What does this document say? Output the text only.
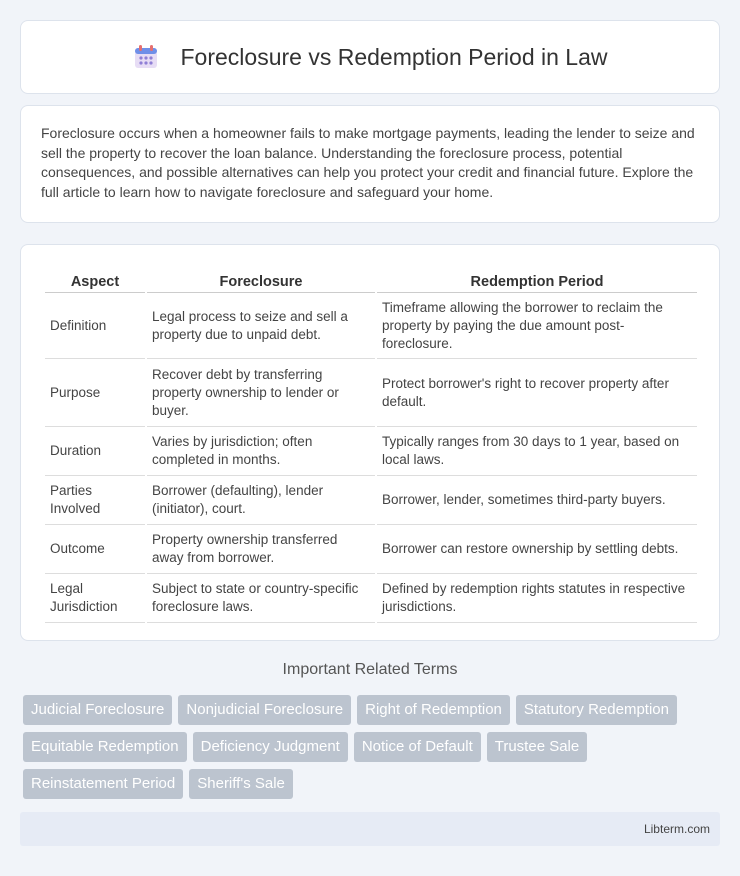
Foreclosure vs Redemption Period in Law

Foreclosure occurs when a homeowner fails to make mortgage payments, leading the lender to seize and sell the property to recover the loan balance. Understanding the foreclosure process, potential consequences, and possible alternatives can help you protect your credit and financial future. Explore the full article to learn how to navigate foreclosure and safeguard your home.

Aspect	Foreclosure	Redemption Period
Definition	Legal process to seize and sell a property due to unpaid debt.	Timeframe allowing the borrower to reclaim the property by paying the due amount post-foreclosure.
Purpose	Recover debt by transferring property ownership to lender or buyer.	Protect borrower's right to recover property after default.
Duration	Varies by jurisdiction; often completed in months.	Typically ranges from 30 days to 1 year, based on local laws.
Parties Involved	Borrower (defaulting), lender (initiator), court.	Borrower, lender, sometimes third-party buyers.
Outcome	Property ownership transferred away from borrower.	Borrower can restore ownership by settling debts.
Legal Jurisdiction	Subject to state or country-specific foreclosure laws.	Defined by redemption rights statutes in respective jurisdictions.
Important Related Terms
Judicial Foreclosure	Nonjudicial Foreclosure	Right of Redemption	Statutory Redemption
Equitable Redemption	Deficiency Judgment	Notice of Default	Trustee Sale
Reinstatement Period	Sheriff's Sale
Libterm.com
